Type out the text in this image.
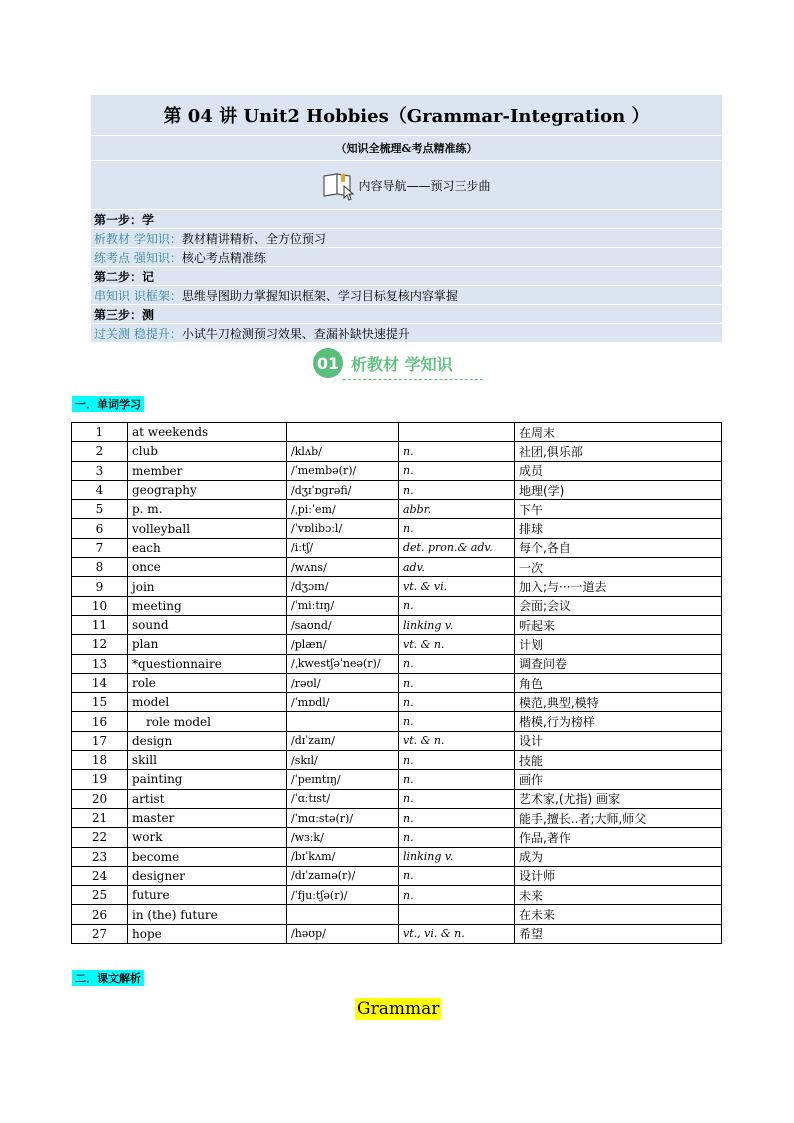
第 04 讲 Unit2 Hobbies（Grammar-Integration ）
（知识全梳理&考点精准练）
内容导航——预习三步曲
第一步：学
析教材 学知识： 教材精讲精析、全方位预习
练考点 强知识： 核心考点精准练
第二步：记
串知识 识框架： 思维导图助力掌握知识框架、学习目标复核内容掌握
第三步：测
过关测 稳提升： 小试牛刀检测预习效果、查漏补缺快速提升
01 析教材 学知识
一．单词学习
1	at weekends			在周末
2	club	/klʌb/	n.	社团,俱乐部
3	member	/ˈmembə(r)/	n.	成员
4	geography	/dʒɪˈɒɡrəfi/	n.	地理(学)
5	p. m.	/ˌpiːˈem/	abbr.	下午
6	volleyball	/ˈvɒlibɔːl/	n.	排球
7	each	/iːtʃ/	det. pron.& adv.	每个,各自
8	once	/wʌns/	adv.	一次
9	join	/dʒɔɪn/	vt. & vi.	加入;与···一道去
10	meeting	/ˈmiːtɪŋ/	n.	会面;会议
11	sound	/saʊnd/	linking v.	听起来
12	plan	/plæn/	vt. & n.	计划
13	*questionnaire	/ˌkwestʃəˈneə(r)/	n.	调查问卷
14	role	/rəʊl/	n.	角色
15	model	/ˈmɒdl/	n.	模范,典型,模特
16	role model		n.	楷模,行为榜样
17	design	/dɪˈzaɪn/	vt. & n.	设计
18	skill	/skɪl/	n.	技能
19	painting	/ˈpeɪntɪŋ/	n.	画作
20	artist	/ˈɑːtɪst/	n.	艺术家,(尤指) 画家
21	master	/ˈmɑːstə(r)/	n.	能手,擅长..者;大师,师父
22	work	/wɜːk/	n.	作品,著作
23	become	/bɪˈkʌm/	linking v.	成为
24	designer	/dɪˈzaɪnə(r)/	n.	设计师
25	future	/ˈfjuːtʃə(r)/	n.	未来
26	in (the) future			在未来
27	hope	/həʊp/	vt., vi. & n.	希望
二．课文解析
Grammar
